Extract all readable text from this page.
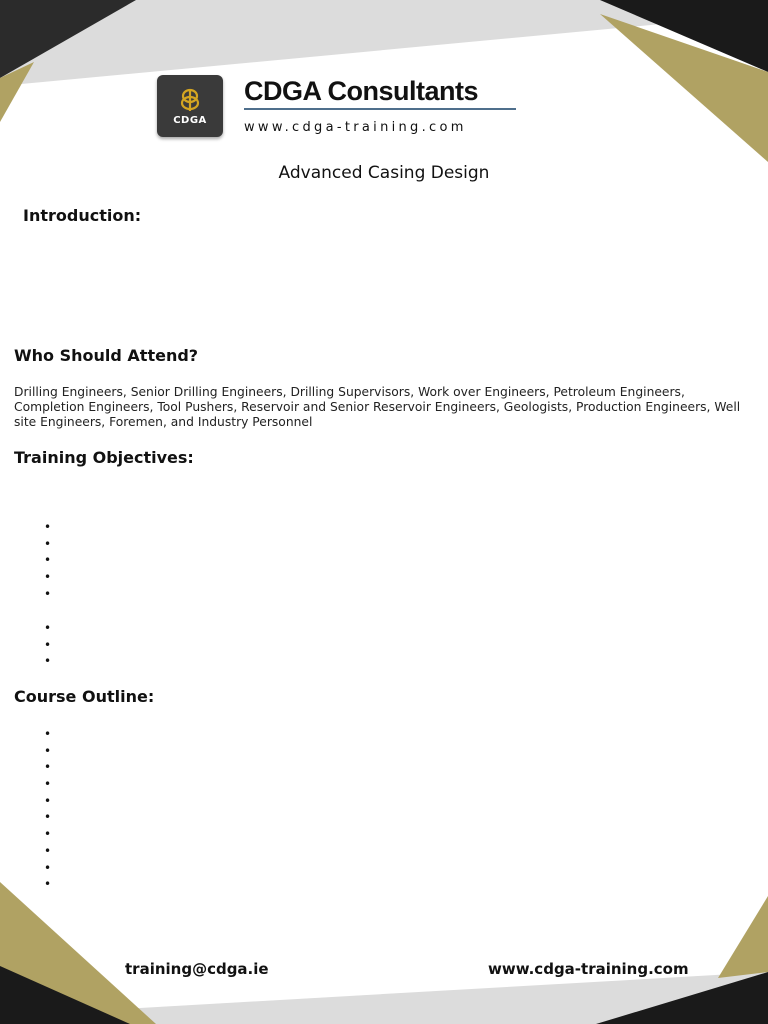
CDGA
CDGA Consultants
www.cdga-training.com
Advanced Casing Design
Introduction:
Who Should Attend?
Drilling Engineers, Senior Drilling Engineers, Drilling Supervisors, Work over Engineers, Petroleum Engineers, Completion Engineers, Tool Pushers, Reservoir and Senior Reservoir Engineers, Geologists, Production Engineers, Well site Engineers, Foremen, and Industry Personnel
Training Objectives:
•
•
•
•
•
•
•
•
Course Outline:
•
•
•
•
•
•
•
•
•
•
training@cdga.ie	www.cdga-training.com
